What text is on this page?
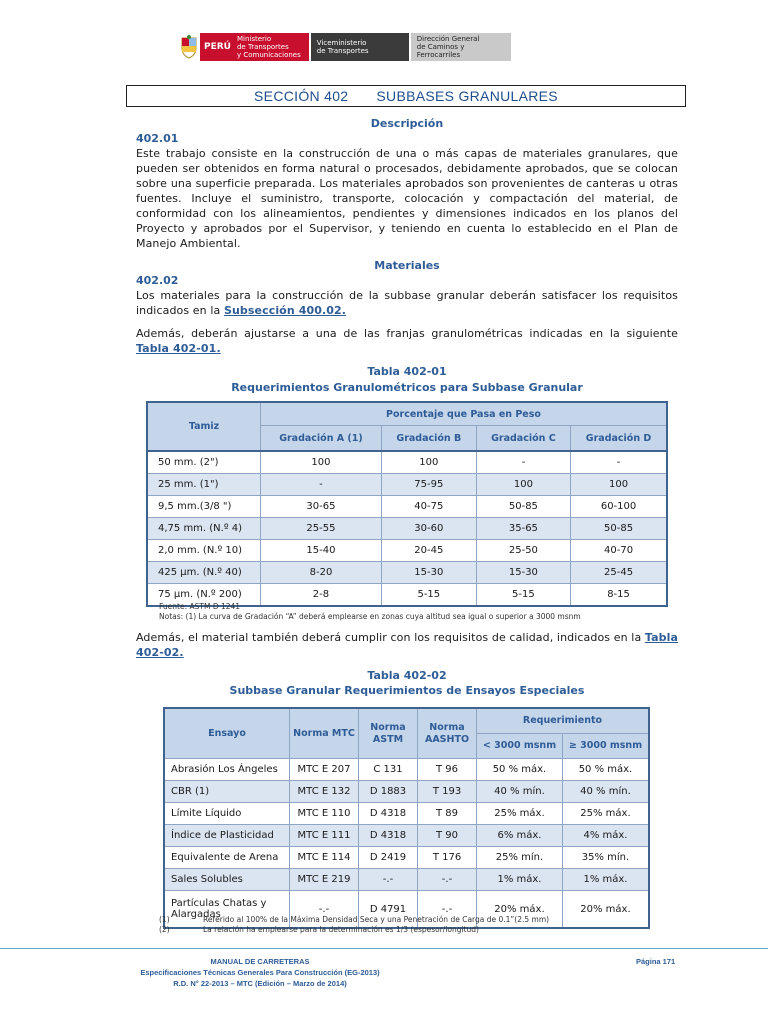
PERÚ
Ministerio
de Transportes
y Comunicaciones
Viceministerio
de Transportes
Dirección General
de Caminos y
Ferrocarriles
SECCIÓN 402 SUBBASES GRANULARES
Descripción
402.01
Este trabajo consiste en la construcción de una o más capas de materiales granulares, que pueden ser obtenidos en forma natural o procesados, debidamente aprobados, que se colocan sobre una superficie preparada. Los materiales aprobados son provenientes de canteras u otras fuentes. Incluye el suministro, transporte, colocación y compactación del material, de conformidad con los alineamientos, pendientes y dimensiones indicados en los planos del Proyecto y aprobados por el Supervisor, y teniendo en cuenta lo establecido en el Plan de Manejo Ambiental.
Materiales
402.02
Los materiales para la construcción de la subbase granular deberán satisfacer los requisitos indicados en la Subsección 400.02.
Además, deberán ajustarse a una de las franjas granulométricas indicadas en la siguiente Tabla 402-01.
Tabla 402-01
Requerimientos Granulométricos para Subbase Granular
Tamiz	Porcentaje que Pasa en Peso			
	Gradación A (1)	Gradación B	Gradación C	Gradación D
50 mm. (2")	100	100	-	-
25 mm. (1")	-	75-95	100	100
9,5 mm.(3/8 ")	30-65	40-75	50-85	60-100
4,75 mm. (N.º 4)	25-55	30-60	35-65	50-85
2,0 mm. (N.º 10)	15-40	20-45	25-50	40-70
425 µm. (N.º 40)	8-20	15-30	15-30	25-45
75 µm. (N.º 200)	2-8	5-15	5-15	8-15
Fuente: ASTM D 1241
Notas: (1) La curva de Gradación “A” deberá emplearse en zonas cuya altitud sea igual o superior a 3000 msnm
Además, el material también deberá cumplir con los requisitos de calidad, indicados en la Tabla 402-02.
Tabla 402-02
Subbase Granular Requerimientos de Ensayos Especiales
Ensayo	Norma MTC	Norma ASTM	Norma AASHTO	Requerimiento	
				< 3000 msnm	≥ 3000 msnm
Abrasión Los Ángeles	MTC E 207	C 131	T 96	50 % máx.	50 % máx.
CBR (1)	MTC E 132	D 1883	T 193	40 % mín.	40 % mín.
Límite Líquido	MTC E 110	D 4318	T 89	25% máx.	25% máx.
Índice de Plasticidad	MTC E 111	D 4318	T 90	6% máx.	4% máx.
Equivalente de Arena	MTC E 114	D 2419	T 176	25% mín.	35% mín.
Sales Solubles	MTC E 219	-.-	-.-	1% máx.	1% máx.
Partículas Chatas y Alargadas	-.-	D 4791	-.-	20% máx.	20% máx.
(1)	Referido al 100% de la Máxima Densidad Seca y una Penetración de Carga de 0.1”(2.5 mm)
(2)	La relación ha emplearse para la determinación es 1/3 (espesor/longitud)
MANUAL DE CARRETERAS
Especificaciones Técnicas Generales Para Construcción (EG-2013)
R.D. N° 22-2013 – MTC (Edición – Marzo de 2014)
Página 171
